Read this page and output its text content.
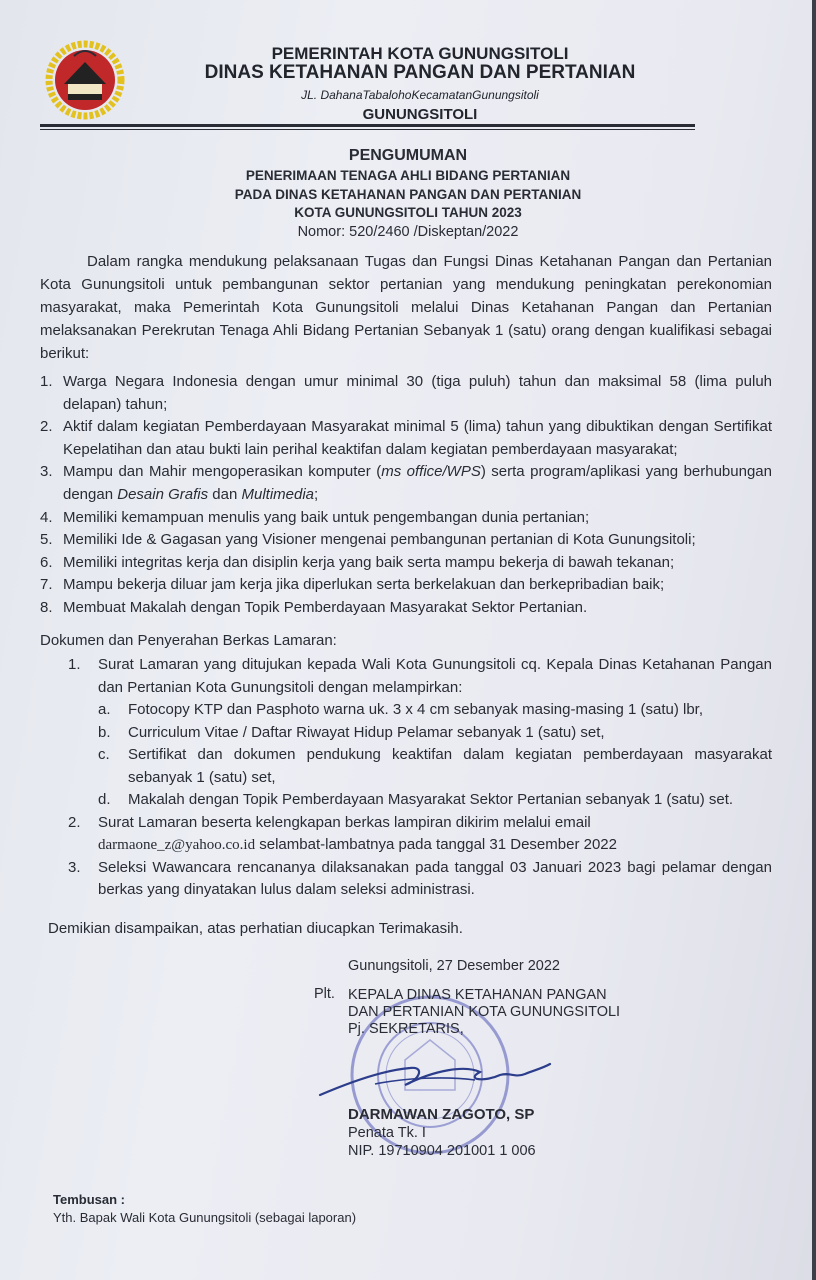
PEMERINTAH KOTA GUNUNGSITOLI
DINAS KETAHANAN PANGAN DAN PERTANIAN
JL. DahanaTabalohoKecamatanGunungsitoli
GUNUNGSITOLI
PENGUMUMAN
PENERIMAAN TENAGA AHLI BIDANG PERTANIAN
PADA DINAS KETAHANAN PANGAN DAN PERTANIAN
KOTA GUNUNGSITOLI TAHUN 2023
Nomor: 520/2460 /Diskeptan/2022
Dalam rangka mendukung pelaksanaan Tugas dan Fungsi Dinas Ketahanan Pangan dan Pertanian Kota Gunungsitoli untuk pembangunan sektor pertanian yang mendukung peningkatan perekonomian masyarakat, maka Pemerintah Kota Gunungsitoli melalui Dinas Ketahanan Pangan dan Pertanian melaksanakan Perekrutan Tenaga Ahli Bidang Pertanian Sebanyak 1 (satu) orang dengan kualifikasi sebagai berikut:
1. Warga Negara Indonesia dengan umur minimal 30 (tiga puluh) tahun dan maksimal 58 (lima puluh delapan) tahun;
2. Aktif dalam kegiatan Pemberdayaan Masyarakat minimal 5 (lima) tahun yang dibuktikan dengan Sertifikat Kepelatihan dan atau bukti lain perihal keaktifan dalam kegiatan pemberdayaan masyarakat;
3. Mampu dan Mahir mengoperasikan komputer (ms office/WPS) serta program/aplikasi yang berhubungan dengan Desain Grafis dan Multimedia;
4. Memiliki kemampuan menulis yang baik untuk pengembangan dunia pertanian;
5. Memiliki Ide & Gagasan yang Visioner mengenai pembangunan pertanian di Kota Gunungsitoli;
6. Memiliki integritas kerja dan disiplin kerja yang baik serta mampu bekerja di bawah tekanan;
7. Mampu bekerja diluar jam kerja jika diperlukan serta berkelakuan dan berkepribadian baik;
8. Membuat Makalah dengan Topik Pemberdayaan Masyarakat Sektor Pertanian.
Dokumen dan Penyerahan Berkas Lamaran:
1. Surat Lamaran yang ditujukan kepada Wali Kota Gunungsitoli cq. Kepala Dinas Ketahanan Pangan dan Pertanian Kota Gunungsitoli dengan melampirkan:
a. Fotocopy KTP dan Pasphoto warna uk. 3 x 4 cm sebanyak masing-masing 1 (satu) lbr,
b. Curriculum Vitae / Daftar Riwayat Hidup Pelamar sebanyak 1 (satu) set,
c. Sertifikat dan dokumen pendukung keaktifan dalam kegiatan pemberdayaan masyarakat sebanyak 1 (satu) set,
d. Makalah dengan Topik Pemberdayaan Masyarakat Sektor Pertanian sebanyak 1 (satu) set.
2. Surat Lamaran beserta kelengkapan berkas lampiran dikirim melalui email
darmaone_z@yahoo.co.id selambat-lambatnya pada tanggal 31 Desember 2022
3. Seleksi Wawancara rencananya dilaksanakan pada tanggal 03 Januari 2023 bagi pelamar dengan berkas yang dinyatakan lulus dalam seleksi administrasi.
Demikian disampaikan, atas perhatian diucapkan Terimakasih.
Gunungsitoli, 27 Desember 2022
Plt. KEPALA DINAS KETAHANAN PANGAN
DAN PERTANIAN KOTA GUNUNGSITOLI
Pj. SEKRETARIS,
DARMAWAN ZAGOTO, SP
Penata Tk. I
NIP. 19710904 201001 1 006
Tembusan :
Yth. Bapak Wali Kota Gunungsitoli (sebagai laporan)
